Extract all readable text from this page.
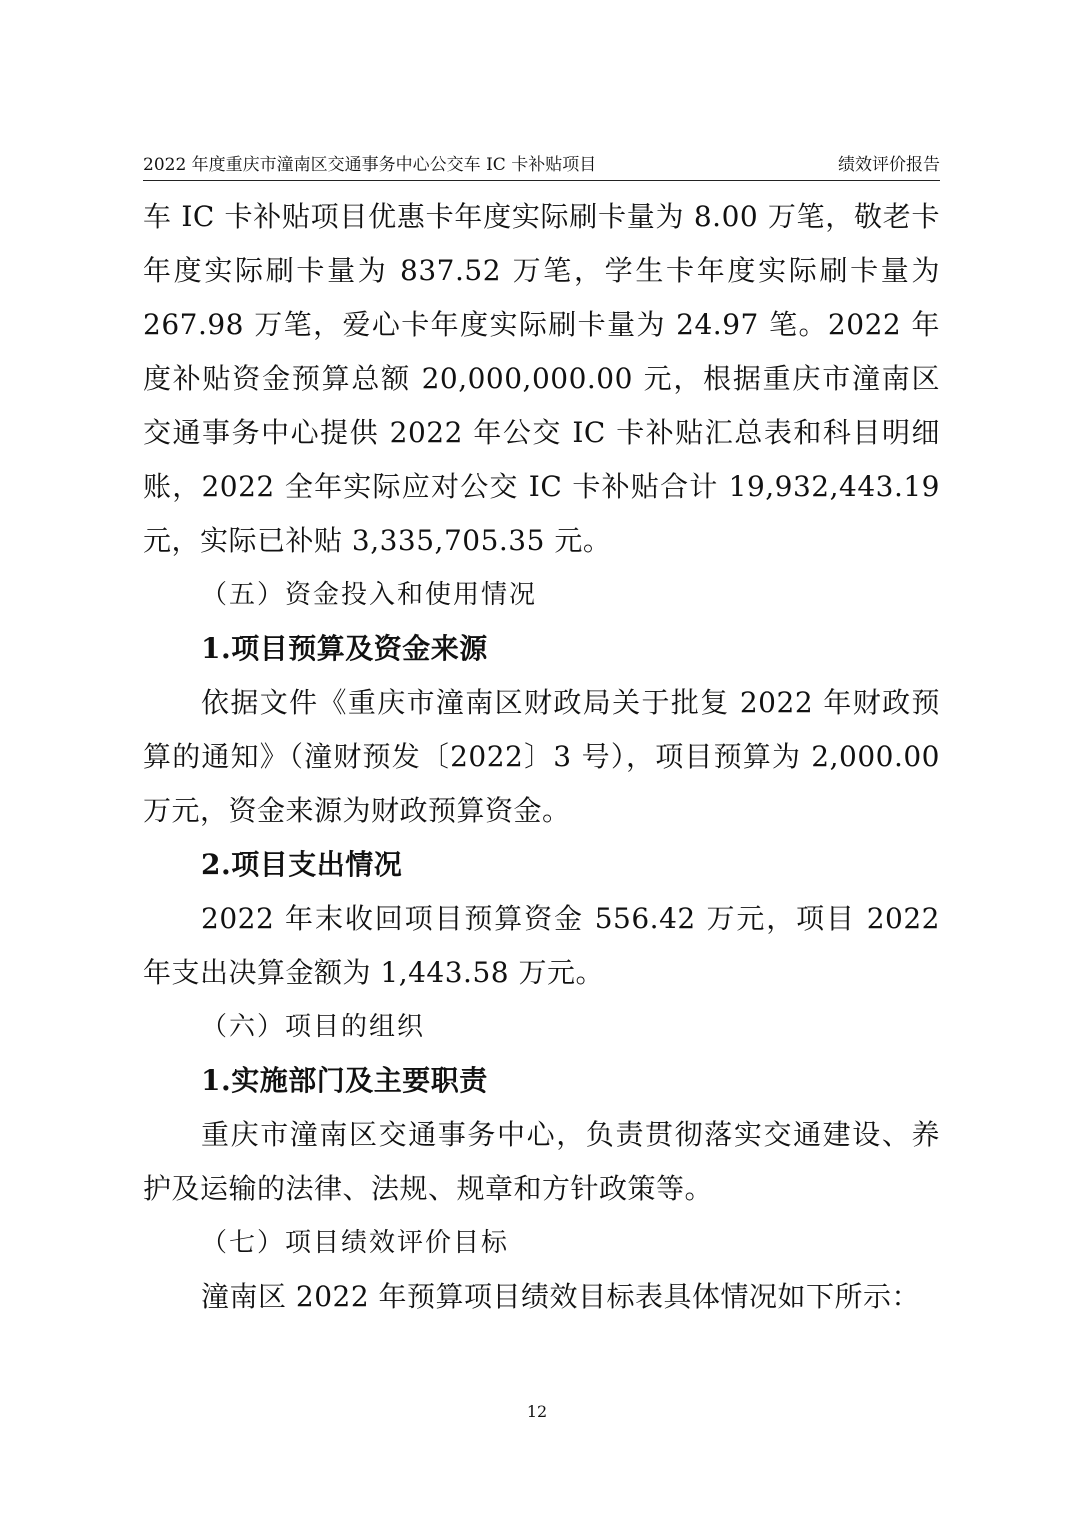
2022 年度重庆市潼南区交通事务中心公交车 IC 卡补贴项目	绩效评价报告

车 IC 卡补贴项目优惠卡年度实际刷卡量为 8.00 万笔，敬老卡年度实际刷卡量为 837.52 万笔，学生卡年度实际刷卡量为 267.98 万笔，爱心卡年度实际刷卡量为 24.97 笔。2022 年度补贴资金预算总额 20,000,000.00 元，根据重庆市潼南区交通事务中心提供 2022 年公交 IC 卡补贴汇总表和科目明细账，2022 全年实际应对公交 IC 卡补贴合计 19,932,443.19 元，实际已补贴 3,335,705.35 元。

（五）资金投入和使用情况

1.项目预算及资金来源

依据文件《重庆市潼南区财政局关于批复 2022 年财政预算的通知》（潼财预发〔2022〕3 号），项目预算为 2,000.00 万元，资金来源为财政预算资金。

2.项目支出情况

2022 年末收回项目预算资金 556.42 万元，项目 2022 年支出决算金额为 1,443.58 万元。

（六）项目的组织

1.实施部门及主要职责

重庆市潼南区交通事务中心，负责贯彻落实交通建设、养护及运输的法律、法规、规章和方针政策等。

（七）项目绩效评价目标

潼南区 2022 年预算项目绩效目标表具体情况如下所示：

12
